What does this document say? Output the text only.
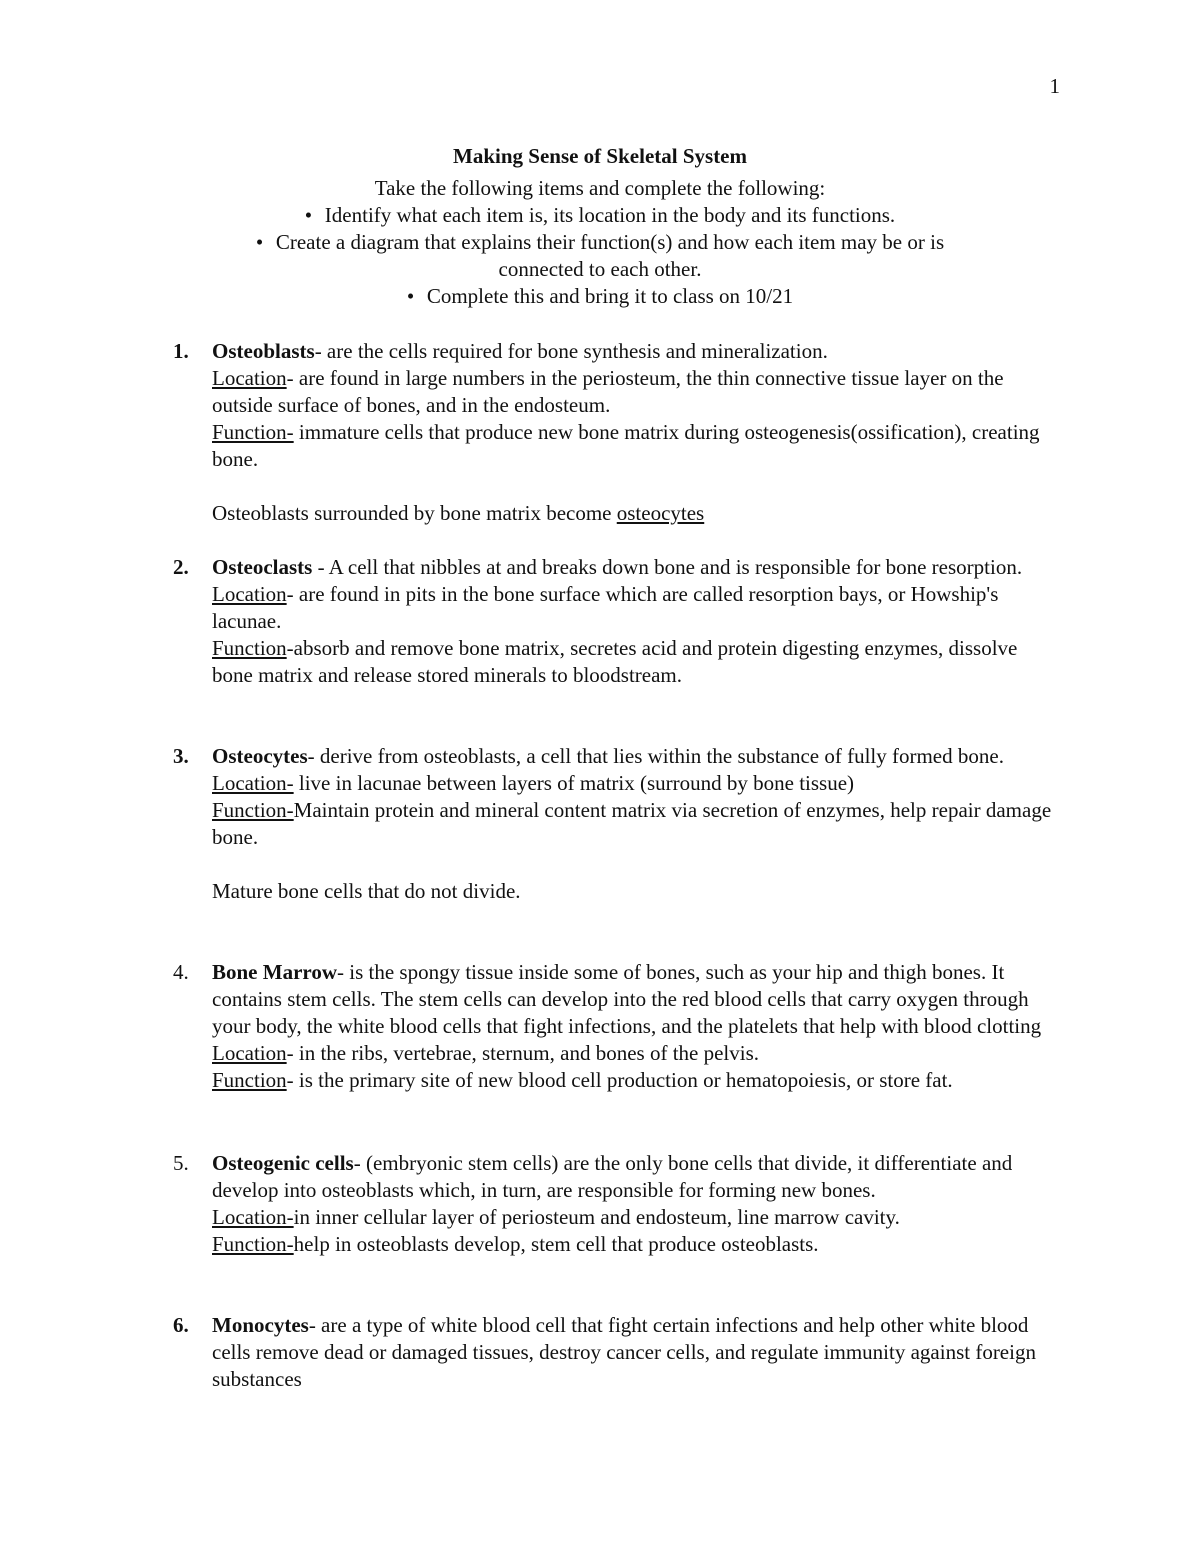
1
Making Sense of Skeletal System
Take the following items and complete the following:
• Identify what each item is, its location in the body and its functions.
• Create a diagram that explains their function(s) and how each item may be or is
connected to each other.
• Complete this and bring it to class on 10/21
1.	Osteoblasts- are the cells required for bone synthesis and mineralization.

Location- are found in large numbers in the periosteum, the thin connective tissue layer on the outside surface of bones, and in the endosteum.

Function- immature cells that produce new bone matrix during osteogenesis(ossification), creating bone.

Osteoblasts surrounded by bone matrix become osteocytes

2.	Osteoclasts - A cell that nibbles at and breaks down bone and is responsible for bone resorption.

Location- are found in pits in the bone surface which are called resorption bays, or Howship's lacunae.

Function-absorb and remove bone matrix, secretes acid and protein digesting enzymes, dissolve bone matrix and release stored minerals to bloodstream.

3.	Osteocytes- derive from osteoblasts, a cell that lies within the substance of fully formed bone.

Location- live in lacunae between layers of matrix (surround by bone tissue)

Function-Maintain protein and mineral content matrix via secretion of enzymes, help repair damage bone.

Mature bone cells that do not divide.

4.	Bone Marrow- is the spongy tissue inside some of bones, such as your hip and thigh bones. It contains stem cells. The stem cells can develop into the red blood cells that carry oxygen through your body, the white blood cells that fight infections, and the platelets that help with blood clotting

Location- in the ribs, vertebrae, sternum, and bones of the pelvis.

Function- is the primary site of new blood cell production or hematopoiesis, or store fat.

5.	Osteogenic cells- (embryonic stem cells) are the only bone cells that divide, it differentiate and develop into osteoblasts which, in turn, are responsible for forming new bones.

Location-in inner cellular layer of periosteum and endosteum, line marrow cavity.

Function-help in osteoblasts develop, stem cell that produce osteoblasts.

6.	Monocytes- are a type of white blood cell that fight certain infections and help other white blood cells remove dead or damaged tissues, destroy cancer cells, and regulate immunity against foreign substances
